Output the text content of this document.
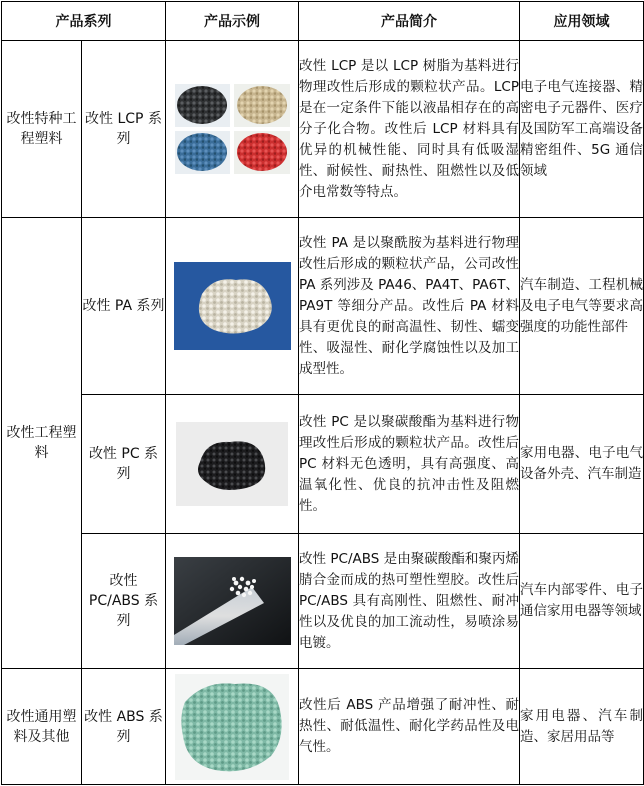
产品系列		产品示例	产品简介	应用领域
改性特种工程塑料	改性 LCP 系列		改性 LCP 是以 LCP 树脂为基料进行物理改性后形成的颗粒状产品。LCP 是在一定条件下能以液晶相存在的高分子化合物。改性后 LCP 材料具有优异的机械性能、同时具有低吸湿性、耐候性、耐热性、阻燃性以及低介电常数等特点。	电子电气连接器、精密电子元器件、医疗及国防军工高端设备精密组件、5G 通信领域
改性工程塑料	改性 PA 系列		改性 PA 是以聚酰胺为基料进行物理改性后形成的颗粒状产品，公司改性 PA 系列涉及 PA46、PA4T、PA6T、PA9T 等细分产品。改性后 PA 材料具有更优良的耐高温性、韧性、蠕变性、吸湿性、耐化学腐蚀性以及加工成型性。	汽车制造、工程机械及电子电气等要求高强度的功能性部件
	改性 PC 系列		改性 PC 是以聚碳酸酯为基料进行物理改性后形成的颗粒状产品。改性后 PC 材料无色透明，具有高强度、高温氧化性、优良的抗冲击性及阻燃性。	家用电器、电子电气设备外壳、汽车制造
	改性 PC/ABS 系列		改性 PC/ABS 是由聚碳酸酯和聚丙烯腈合金而成的热可塑性塑胶。改性后 PC/ABS 具有高刚性、阻燃性、耐冲性以及优良的加工流动性，易喷涂易电镀。	汽车内部零件、电子通信家用电器等领域
改性通用塑料及其他	改性 ABS 系列		改性后 ABS 产品增强了耐冲性、耐热性、耐低温性、耐化学药品性及电气性。	家用电器、汽车制造、家居用品等
